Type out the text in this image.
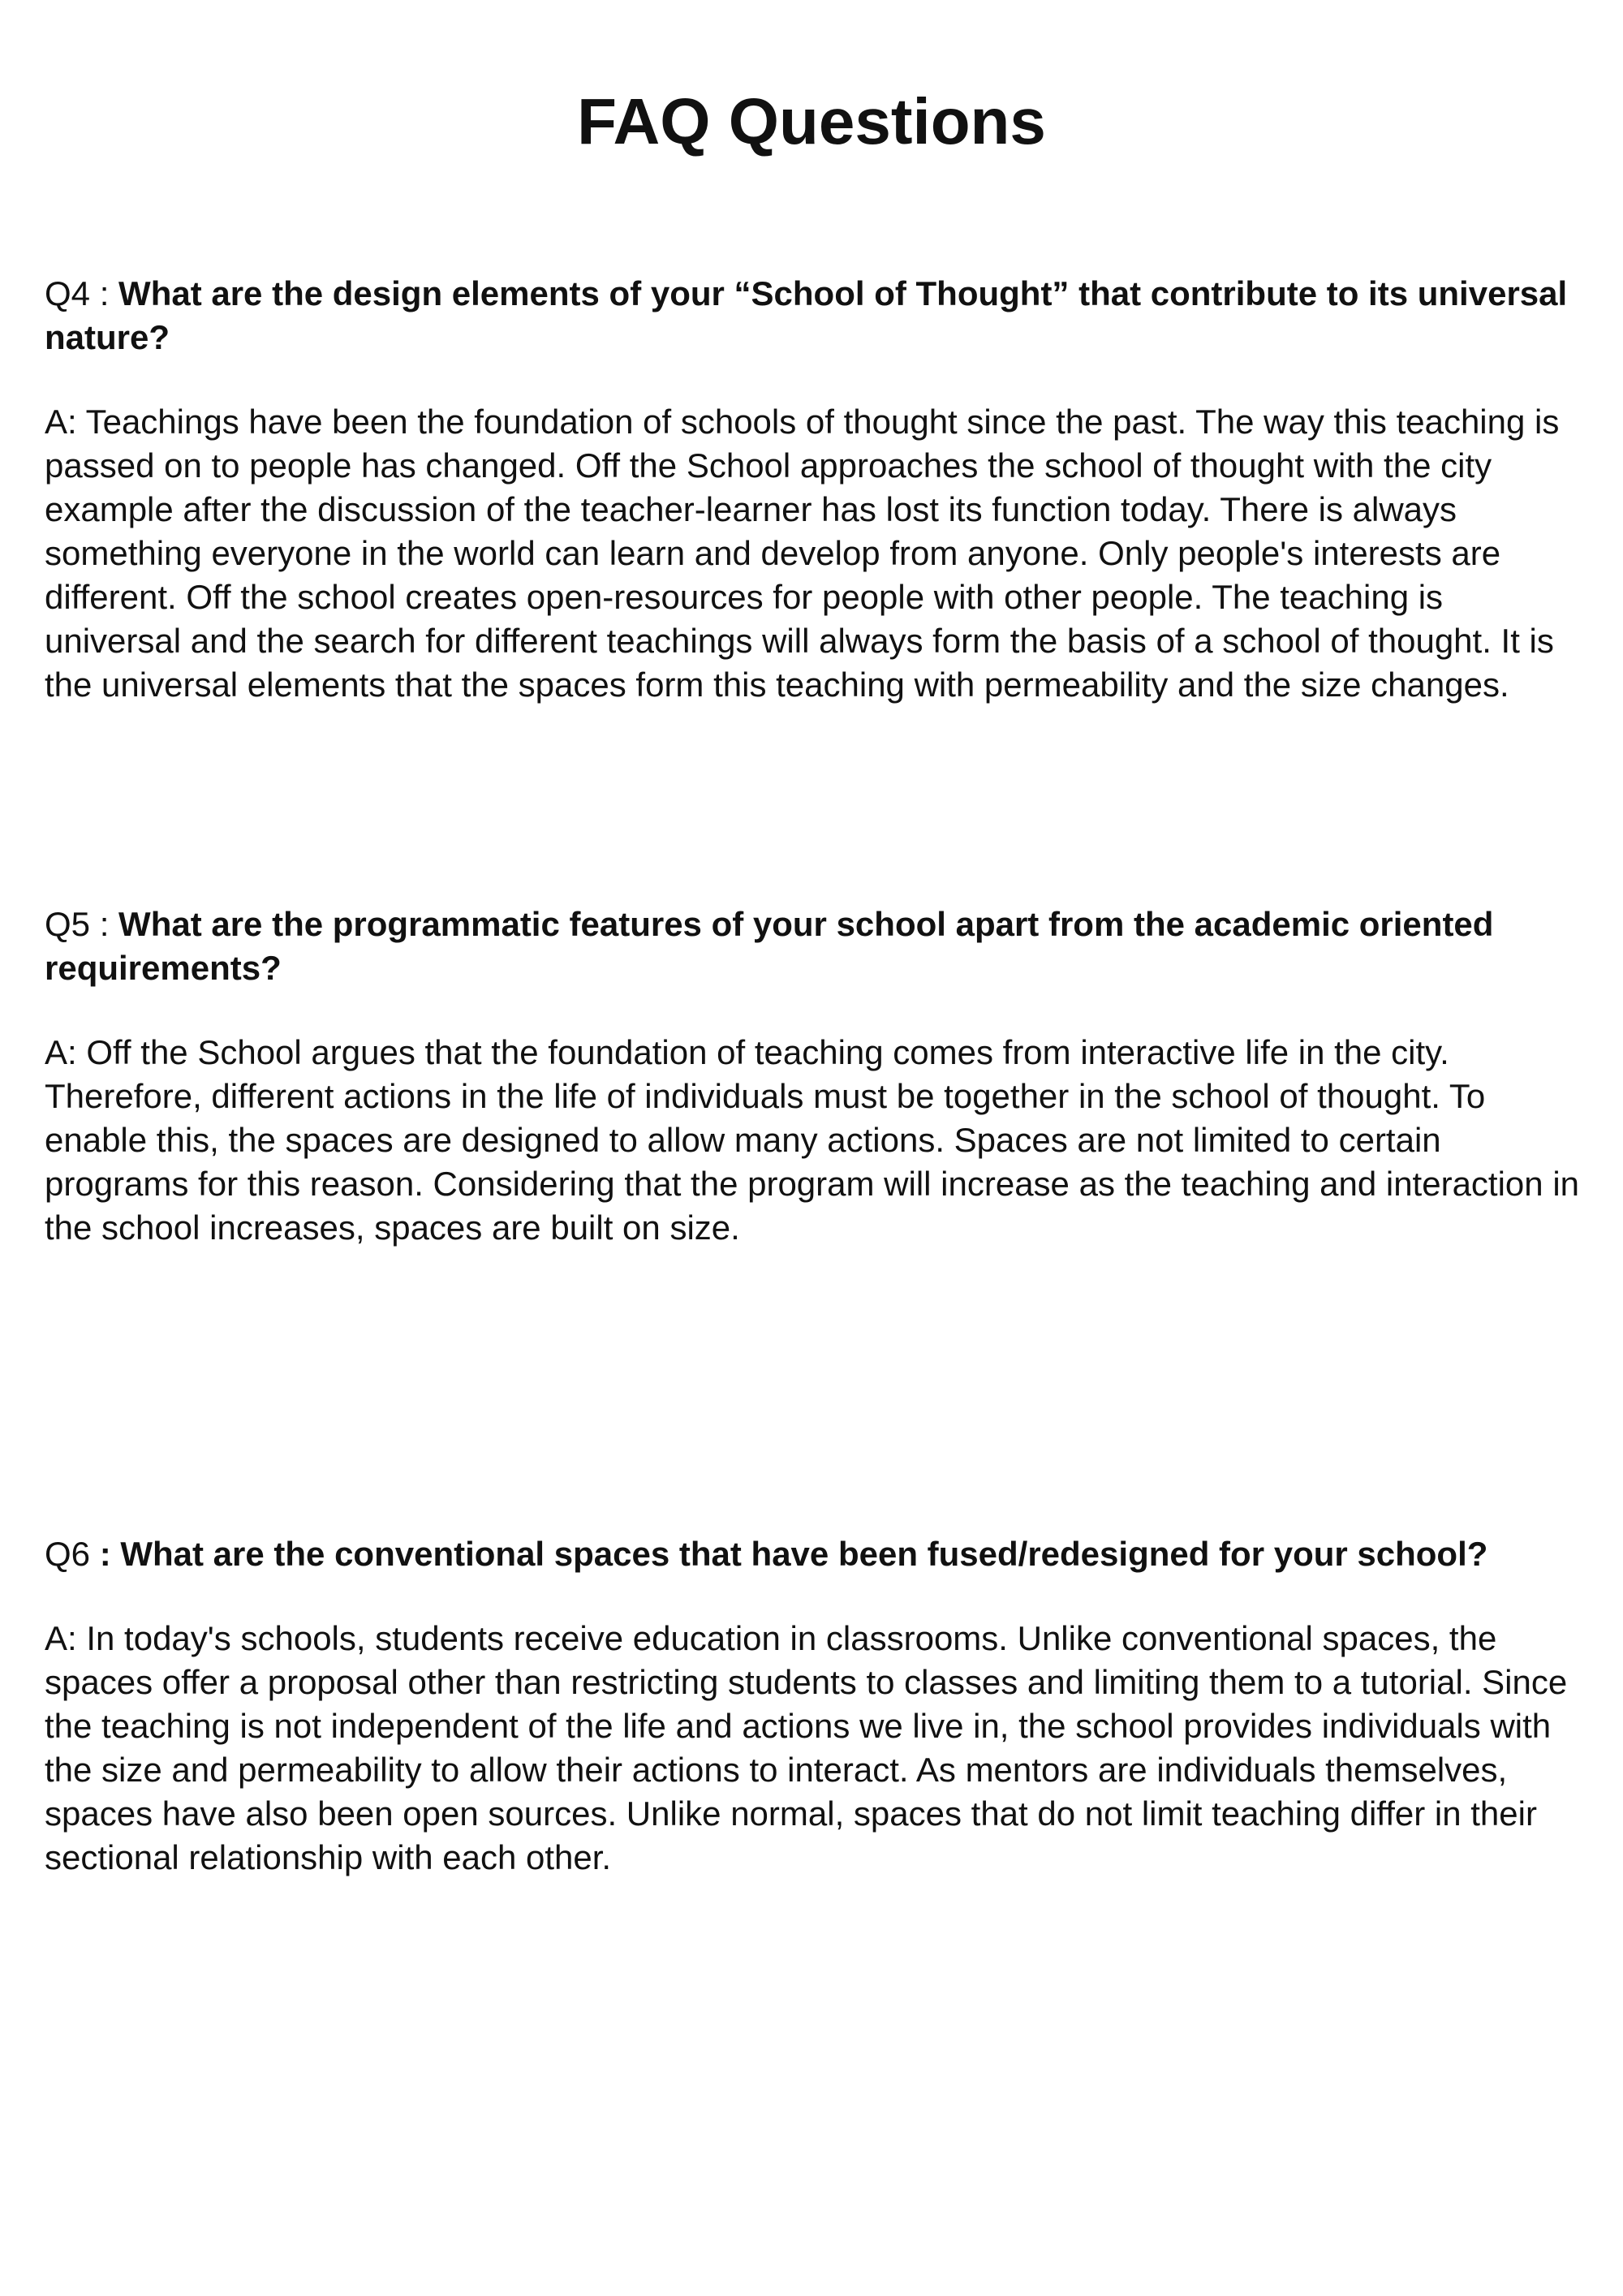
FAQ Questions

Q4 : What are the design elements of your “School of Thought” that contribute to its universal nature?

A: Teachings have been the foundation of schools of thought since the past. The way this teaching is passed on to people has changed. Off the School approaches the school of thought with the city example after the discussion of the teacher-learner has lost its function today. There is always something everyone in the world can learn and develop from anyone. Only people's interests are different. Off the school creates open-resources for people with other people. The teaching is universal and the search for different teachings will always form the basis of a school of thought. It is the universal elements that the spaces form this teaching with permeability and the size changes.

Q5 : What are the programmatic features of your school apart from the academic oriented requirements?

A: Off the School argues that the foundation of teaching comes from interactive life in the city. Therefore, different actions in the life of individuals must be together in the school of thought. To enable this, the spaces are designed to allow many actions. Spaces are not limited to certain programs for this reason. Considering that the program will increase as the teaching and interaction in the school increases, spaces are built on size.

Q6 : What are the conventional spaces that have been fused/redesigned for your school?

A: In today's schools, students receive education in classrooms. Unlike conventional spaces, the spaces offer a proposal other than restricting students to classes and limiting them to a tutorial. Since the teaching is not independent of the life and actions we live in, the school provides individuals with the size and permeability to allow their actions to interact. As mentors are individuals themselves, spaces have also been open sources. Unlike normal, spaces that do not limit teaching differ in their sectional relationship with each other.
